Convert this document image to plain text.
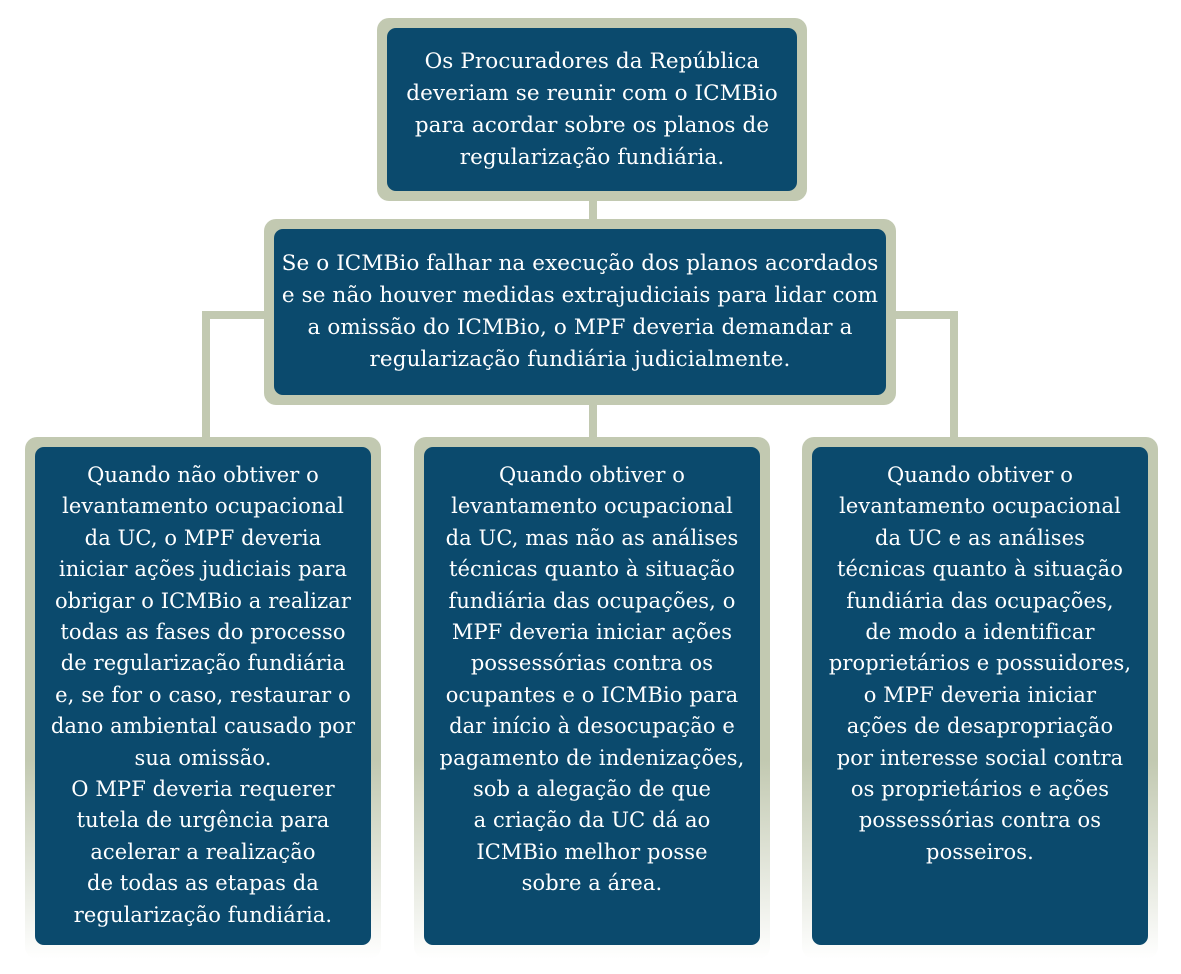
Os Procuradores da República
deveriam se reunir com o ICMBio
para acordar sobre os planos de
regularização fundiária.
Se o ICMBio falhar na execução dos planos acordados
e se não houver medidas extrajudiciais para lidar com
a omissão do ICMBio, o MPF deveria demandar a
regularização fundiária judicialmente.
Quando não obtiver o
levantamento ocupacional
da UC, o MPF deveria
iniciar ações judiciais para
obrigar o ICMBio a realizar
todas as fases do processo
de regularização fundiária
e, se for o caso, restaurar o
dano ambiental causado por
sua omissão.
O MPF deveria requerer
tutela de urgência para
acelerar a realização
de todas as etapas da
regularização fundiária.
Quando obtiver o
levantamento ocupacional
da UC, mas não as análises
técnicas quanto à situação
fundiária das ocupações, o
MPF deveria iniciar ações
possessórias contra os
ocupantes e o ICMBio para
dar início à desocupação e
pagamento de indenizações,
sob a alegação de que
a criação da UC dá ao
ICMBio melhor posse
sobre a área.
Quando obtiver o
levantamento ocupacional
da UC e as análises
técnicas quanto à situação
fundiária das ocupações,
de modo a identificar
proprietários e possuidores,
o MPF deveria iniciar
ações de desapropriação
por interesse social contra
os proprietários e ações
possessórias contra os
posseiros.
